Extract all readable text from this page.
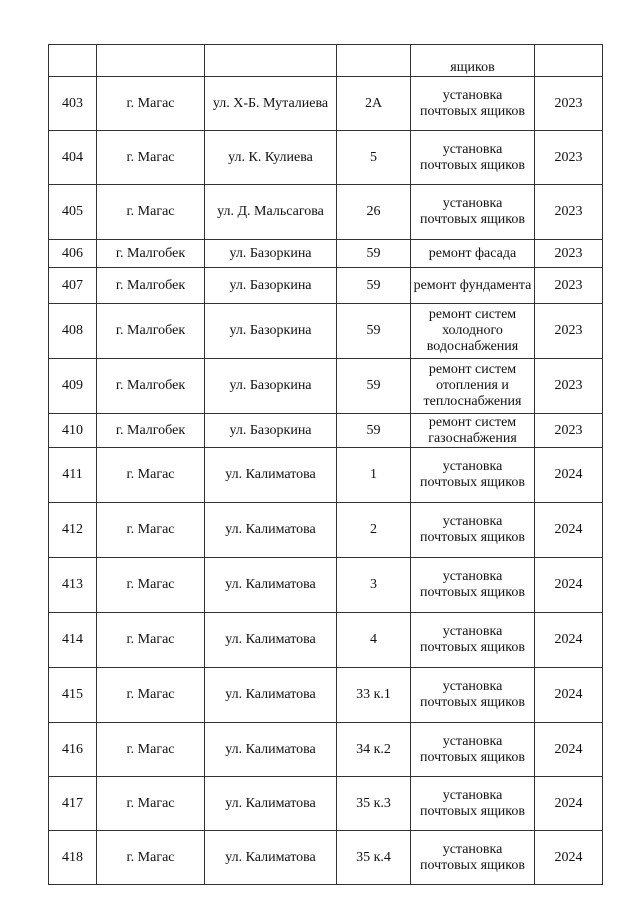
				ящиков	
403	г. Магас	ул. Х-Б. Муталиева	2А	установка почтовых ящиков	2023
404	г. Магас	ул. К. Кулиева	5	установка почтовых ящиков	2023
405	г. Магас	ул. Д. Мальсагова	26	установка почтовых ящиков	2023
406	г. Малгобек	ул. Базоркина	59	ремонт фасада	2023
407	г. Малгобек	ул. Базоркина	59	ремонт фундамента	2023
408	г. Малгобек	ул. Базоркина	59	ремонт систем холодного водоснабжения	2023
409	г. Малгобек	ул. Базоркина	59	ремонт систем отопления и теплоснабжения	2023
410	г. Малгобек	ул. Базоркина	59	ремонт систем газоснабжения	2023
411	г. Магас	ул. Калиматова	1	установка почтовых ящиков	2024
412	г. Магас	ул. Калиматова	2	установка почтовых ящиков	2024
413	г. Магас	ул. Калиматова	3	установка почтовых ящиков	2024
414	г. Магас	ул. Калиматова	4	установка почтовых ящиков	2024
415	г. Магас	ул. Калиматова	33 к.1	установка почтовых ящиков	2024
416	г. Магас	ул. Калиматова	34 к.2	установка почтовых ящиков	2024
417	г. Магас	ул. Калиматова	35 к.3	установка почтовых ящиков	2024
418	г. Магас	ул. Калиматова	35 к.4	установка почтовых ящиков	2024
